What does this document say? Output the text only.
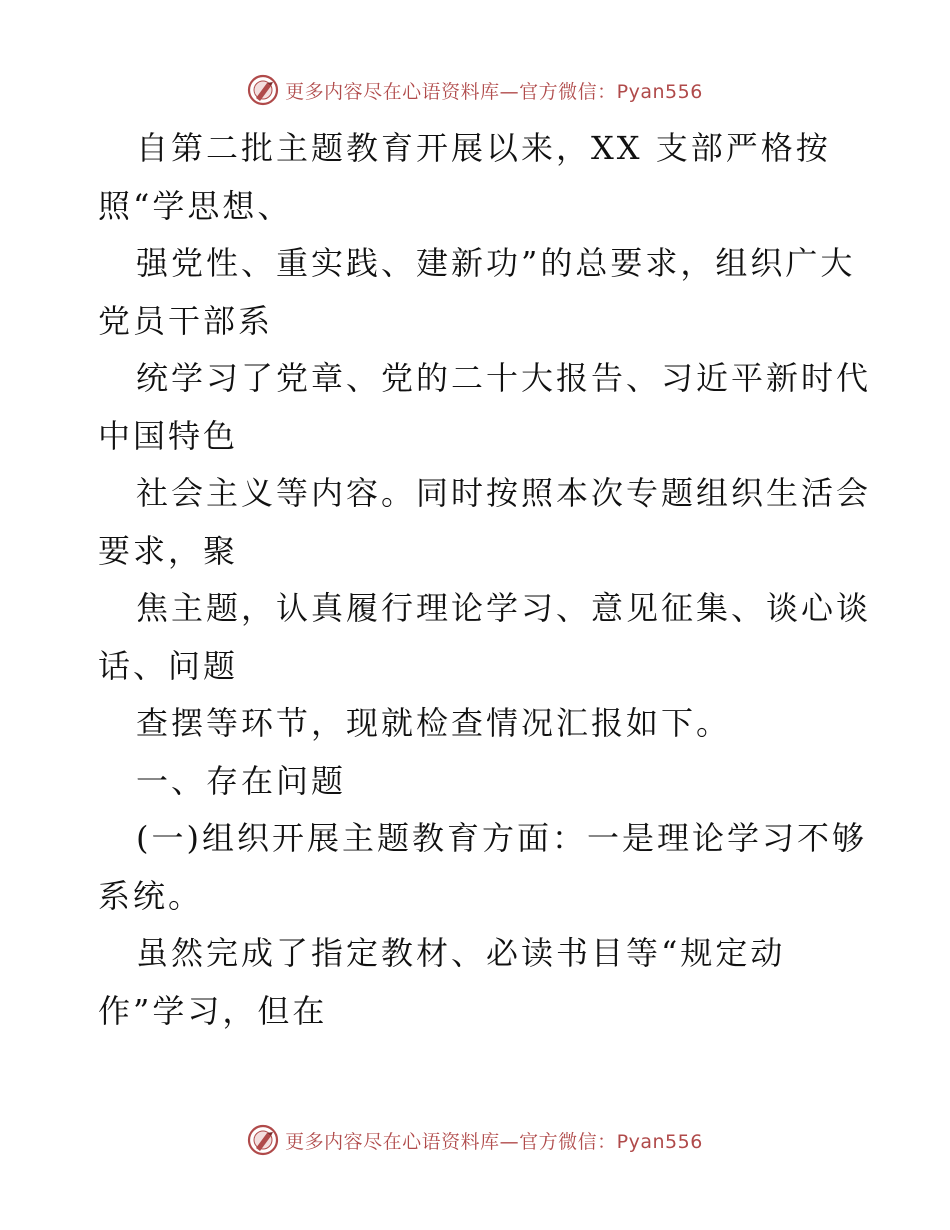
更多内容尽在心语资料库—官方微信：Pyan556
自第二批主题教育开展以来，XX 支部严格按
照“学思想、
强党性、重实践、建新功”的总要求，组织广大
党员干部系
统学习了党章、党的二十大报告、习近平新时代
中国特色
社会主义等内容。同时按照本次专题组织生活会
要求，聚
焦主题，认真履行理论学习、意见征集、谈心谈
话、问题
查摆等环节，现就检查情况汇报如下。
一、存在问题
(一)组织开展主题教育方面：一是理论学习不够
系统。
虽然完成了指定教材、必读书目等“规定动
作”学习，但在
更多内容尽在心语资料库—官方微信：Pyan556
